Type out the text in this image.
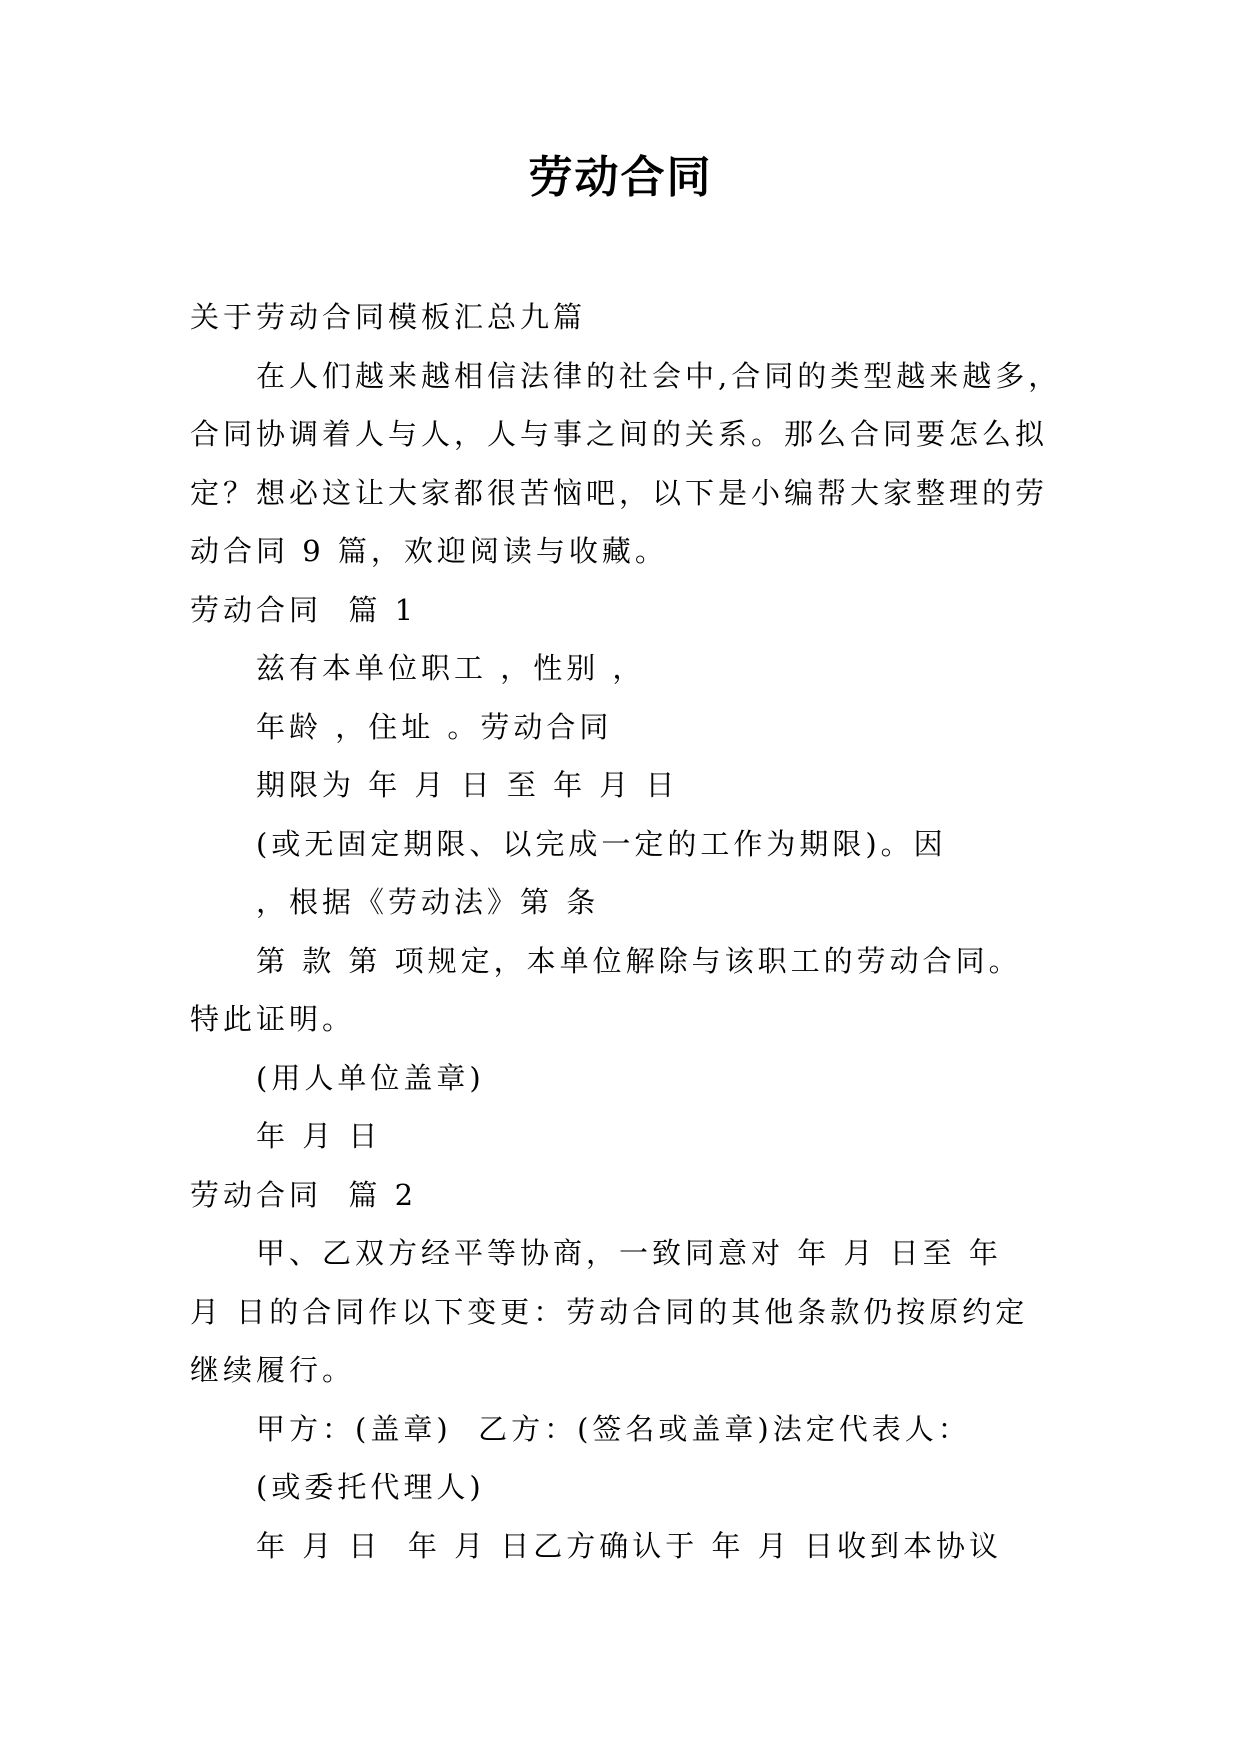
劳动合同
关于劳动合同模板汇总九篇
在人们越来越相信法律的社会中,合同的类型越来越多，
合同协调着人与人，人与事之间的关系。那么合同要怎么拟
定？想必这让大家都很苦恼吧，以下是小编帮大家整理的劳
动合同 9 篇，欢迎阅读与收藏。
劳动合同  篇 1
兹有本单位职工 ，性别 ，
年龄 ，住址 。劳动合同
期限为 年 月 日 至 年 月 日
(或无固定期限、以完成一定的工作为期限)。因
，根据《劳动法》第 条
第 款 第 项规定，本单位解除与该职工的劳动合同。
特此证明。
(用人单位盖章)
年 月 日
劳动合同  篇 2
甲、乙双方经平等协商，一致同意对 年 月 日至 年
月 日的合同作以下变更：劳动合同的其他条款仍按原约定
继续履行。
甲方：(盖章)  乙方：(签名或盖章)法定代表人：
(或委托代理人)
年 月 日  年 月 日乙方确认于 年 月 日收到本协议
